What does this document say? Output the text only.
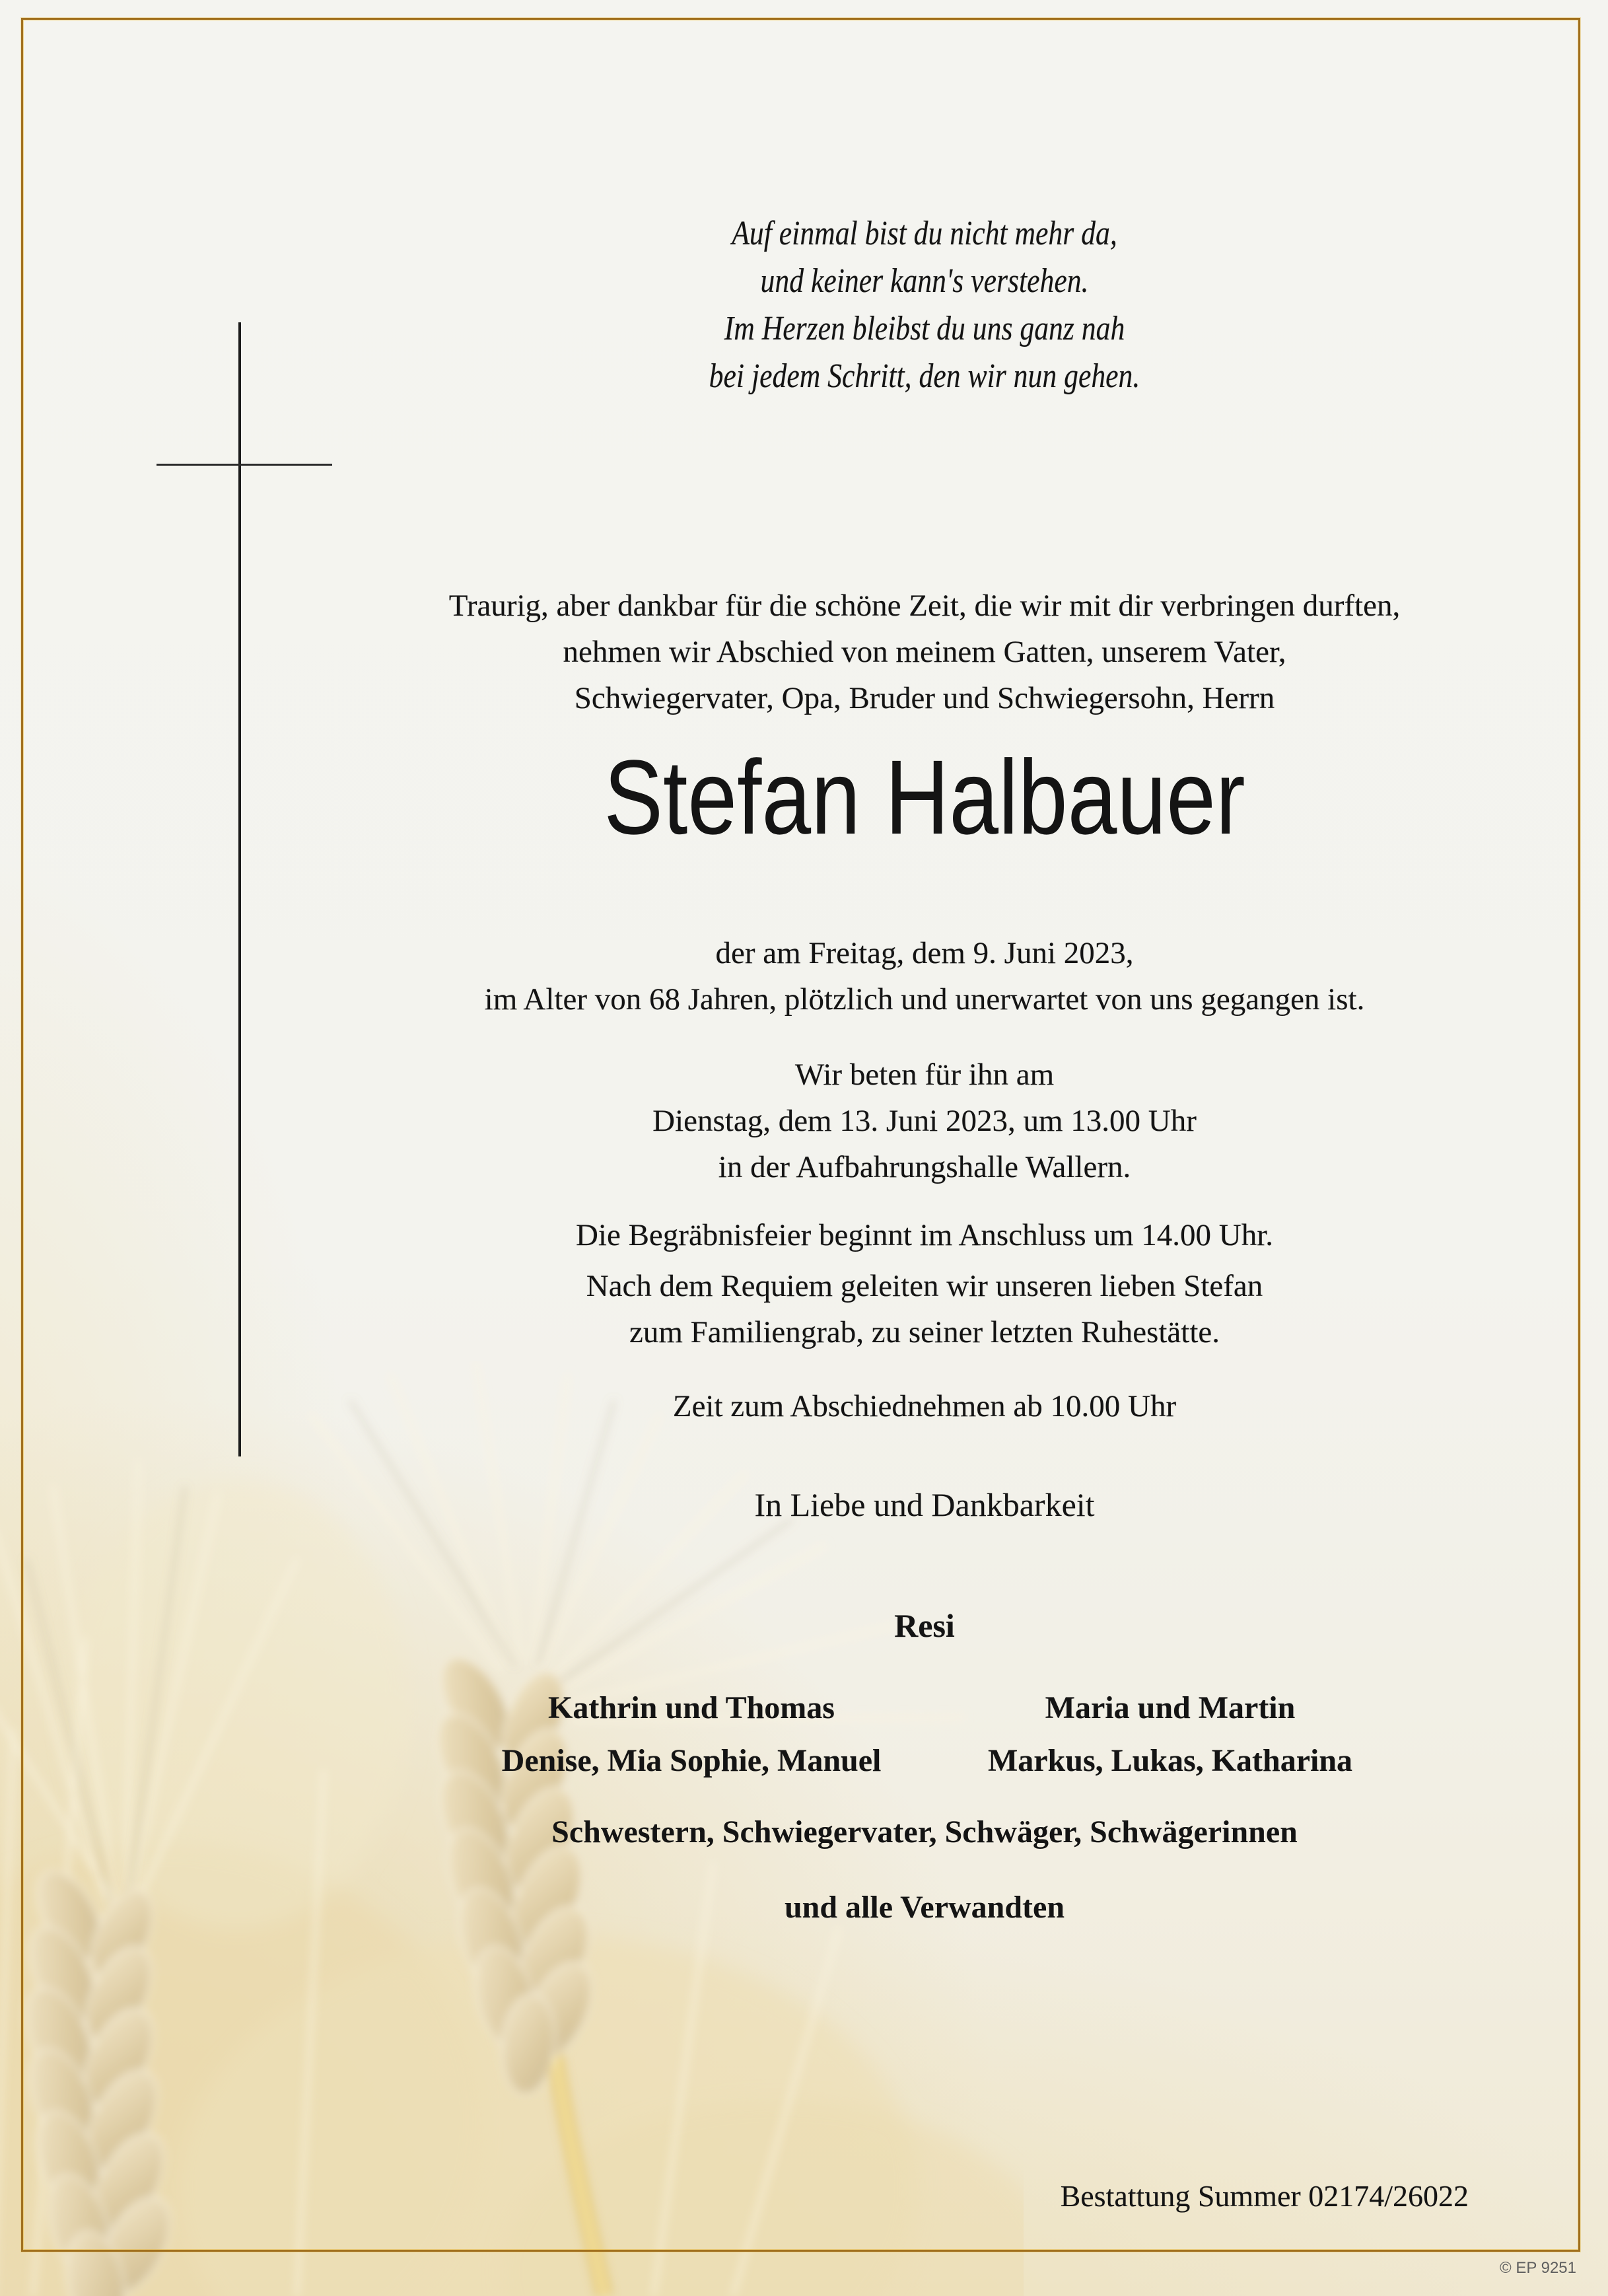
Auf einmal bist du nicht mehr da,
und keiner kann's verstehen.
Im Herzen bleibst du uns ganz nah
bei jedem Schritt, den wir nun gehen.
Traurig, aber dankbar für die schöne Zeit, die wir mit dir verbringen durften,
nehmen wir Abschied von meinem Gatten, unserem Vater,
Schwiegervater, Opa, Bruder und Schwiegersohn, Herrn
Stefan Halbauer
der am Freitag, dem 9. Juni 2023,
im Alter von 68 Jahren, plötzlich und unerwartet von uns gegangen ist.
Wir beten für ihn am
Dienstag, dem 13. Juni 2023, um 13.00 Uhr
in der Aufbahrungshalle Wallern.
Die Begräbnisfeier beginnt im Anschluss um 14.00 Uhr.
Nach dem Requiem geleiten wir unseren lieben Stefan
zum Familiengrab, zu seiner letzten Ruhestätte.
Zeit zum Abschiednehmen ab 10.00 Uhr
In Liebe und Dankbarkeit
Resi
Kathrin und Thomas	Maria und Martin
Denise, Mia Sophie, Manuel	Markus, Lukas, Katharina
Schwestern, Schwiegervater, Schwäger, Schwägerinnen
und alle Verwandten
Bestattung Summer 02174/26022
© EP 9251
